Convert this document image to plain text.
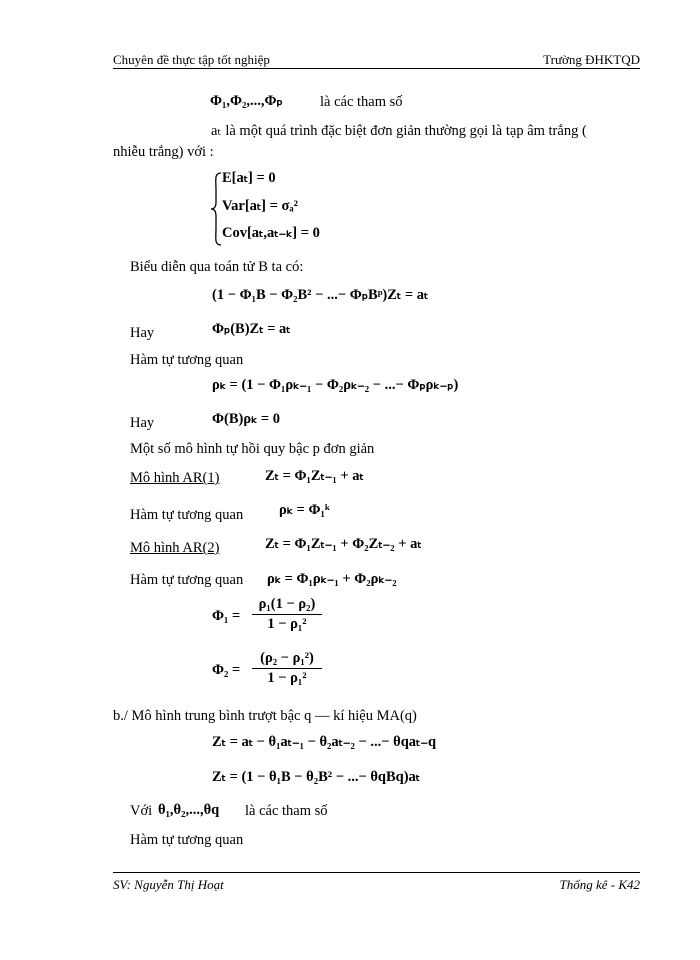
Chuyên đề thực tập tốt nghiệp	Trường ĐHKTQD
Φ₁,Φ₂,...,Φₚ	là các tham số
aₜ là một quá trình đặc biệt đơn giản thường gọi là tạp âm trắng (
nhiễu trắng) với :
E[aₜ] = 0
Var[aₜ] = σₐ²
Cov[aₜ,aₜ₋ₖ] = 0
Biểu diễn qua toán tử B ta có:
(1 − Φ₁B − Φ₂B² − ...− ΦₚBᵖ)Zₜ = aₜ
Hay	Φₚ(B)Zₜ = aₜ
Hàm tự tương quan
ρₖ = (1 − Φ₁ρₖ₋₁ − Φ₂ρₖ₋₂ − ...− Φₚρₖ₋ₚ)
Hay	Φ(B)ρₖ = 0
Một số mô hình tự hồi quy bậc p đơn giản
Mô hình AR(1)	Zₜ = Φ₁Zₜ₋₁ + aₜ
Hàm tự tương quan ρₖ = Φ₁ᵏ
Mô hình AR(2)	Zₜ = Φ₁Zₜ₋₁ + Φ₂Zₜ₋₂ + aₜ
Hàm tự tương quan ρₖ = Φ₁ρₖ₋₁ + Φ₂ρₖ₋₂
Φ₁ =
ρ₁(1 − ρ₂)
1 − ρ₁²
Φ₂ =
(ρ₂ − ρ₁²)
1 − ρ₁²
b./ Mô hình trung bình trượt bậc q — kí hiệu MA(q)
Zₜ = aₜ − θ₁aₜ₋₁ − θ₂aₜ₋₂ − ...− θqaₜ₋q
Zₜ = (1 − θ₁B − θ₂B² − ...− θqBq)aₜ
Với θ₁,θ₂,...,θq là các tham số
Hàm tự tương quan
SV: Nguyễn Thị Hoạt	Thống kê - K42
